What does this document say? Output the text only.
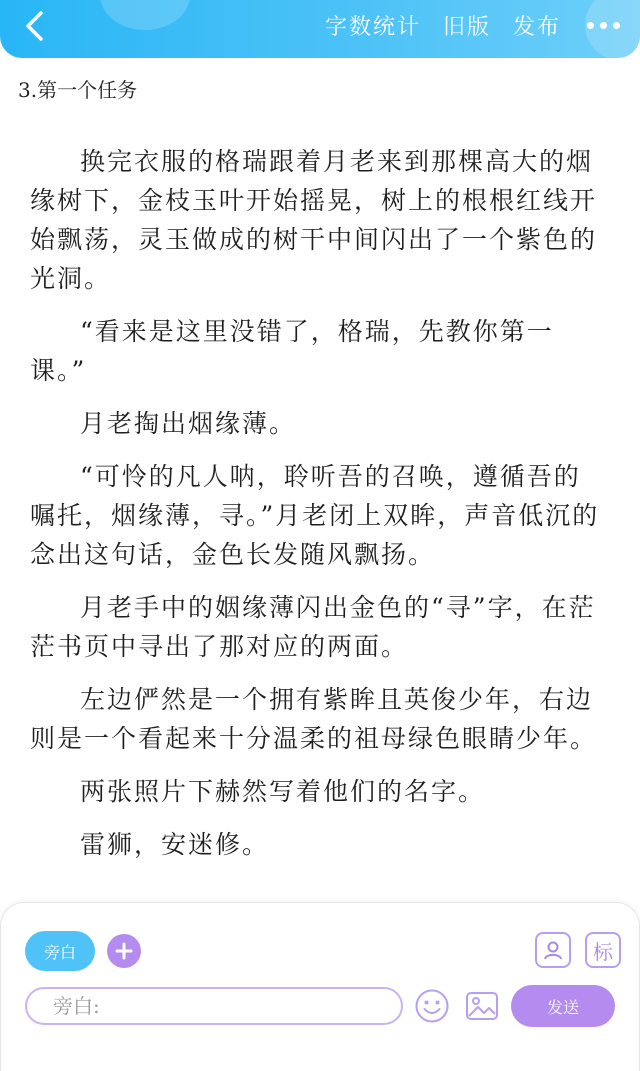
字数统计 旧版 发布
3.第一个任务

换完衣服的格瑞跟着月老来到那棵高大的烟缘树下，金枝玉叶开始摇晃，树上的根根红线开始飘荡，灵玉做成的树干中间闪出了一个紫色的光洞。

“看来是这里没错了，格瑞，先教你第一课。”

月老掏出烟缘薄。

“可怜的凡人呐，聆听吾的召唤，遵循吾的嘱托，烟缘薄，寻。”月老闭上双眸，声音低沉的念出这句话，金色长发随风飘扬。

月老手中的姻缘薄闪出金色的“寻”字，在茫茫书页中寻出了那对应的两面。

左边俨然是一个拥有紫眸且英俊少年，右边则是一个看起来十分温柔的祖母绿色眼睛少年。

两张照片下赫然写着他们的名字。

雷狮，安迷修。

旁白	标
旁白:
发送
